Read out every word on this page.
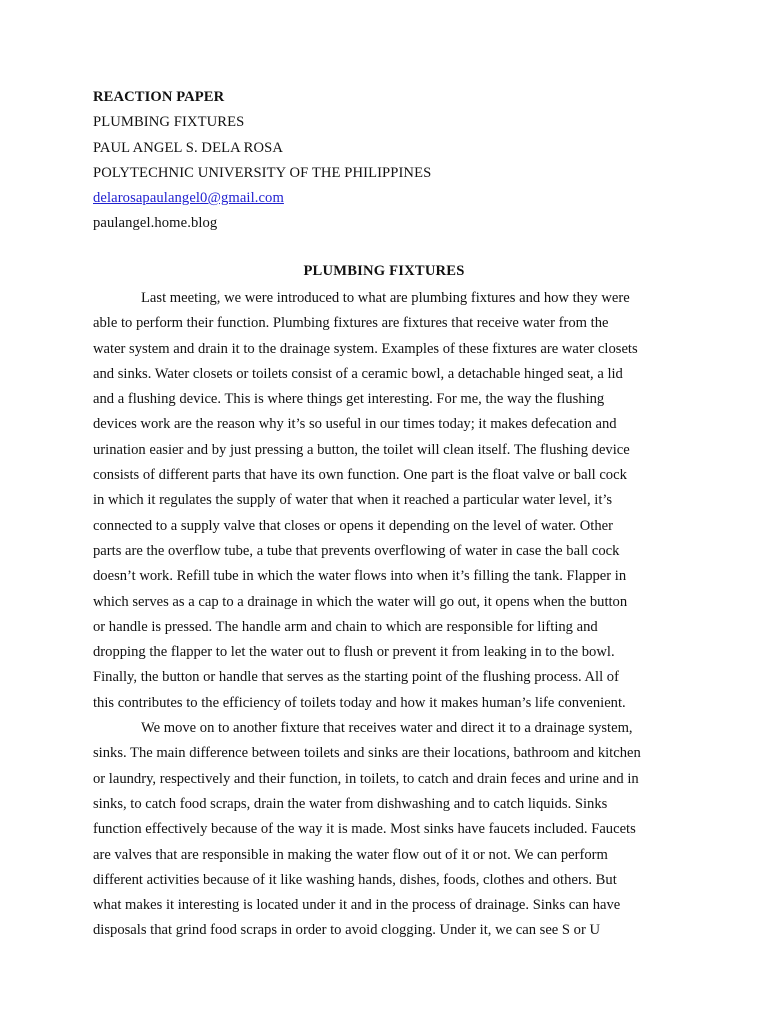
REACTION PAPER
PLUMBING FIXTURES
PAUL ANGEL S. DELA ROSA
POLYTECHNIC UNIVERSITY OF THE PHILIPPINES
delarosapaulangel0@gmail.com
paulangel.home.blog
PLUMBING FIXTURES
Last meeting, we were introduced to what are plumbing fixtures and how they were
able to perform their function. Plumbing fixtures are fixtures that receive water from the
water system and drain it to the drainage system. Examples of these fixtures are water closets
and sinks. Water closets or toilets consist of a ceramic bowl, a detachable hinged seat, a lid
and a flushing device. This is where things get interesting. For me, the way the flushing
devices work are the reason why it’s so useful in our times today; it makes defecation and
urination easier and by just pressing a button, the toilet will clean itself. The flushing device
consists of different parts that have its own function. One part is the float valve or ball cock
in which it regulates the supply of water that when it reached a particular water level, it’s
connected to a supply valve that closes or opens it depending on the level of water. Other
parts are the overflow tube, a tube that prevents overflowing of water in case the ball cock
doesn’t work. Refill tube in which the water flows into when it’s filling the tank. Flapper in
which serves as a cap to a drainage in which the water will go out, it opens when the button
or handle is pressed. The handle arm and chain to which are responsible for lifting and
dropping the flapper to let the water out to flush or prevent it from leaking in to the bowl.
Finally, the button or handle that serves as the starting point of the flushing process. All of
this contributes to the efficiency of toilets today and how it makes human’s life convenient.
We move on to another fixture that receives water and direct it to a drainage system,
sinks. The main difference between toilets and sinks are their locations, bathroom and kitchen
or laundry, respectively and their function, in toilets, to catch and drain feces and urine and in
sinks, to catch food scraps, drain the water from dishwashing and to catch liquids. Sinks
function effectively because of the way it is made. Most sinks have faucets included. Faucets
are valves that are responsible in making the water flow out of it or not. We can perform
different activities because of it like washing hands, dishes, foods, clothes and others. But
what makes it interesting is located under it and in the process of drainage. Sinks can have
disposals that grind food scraps in order to avoid clogging. Under it, we can see S or U
